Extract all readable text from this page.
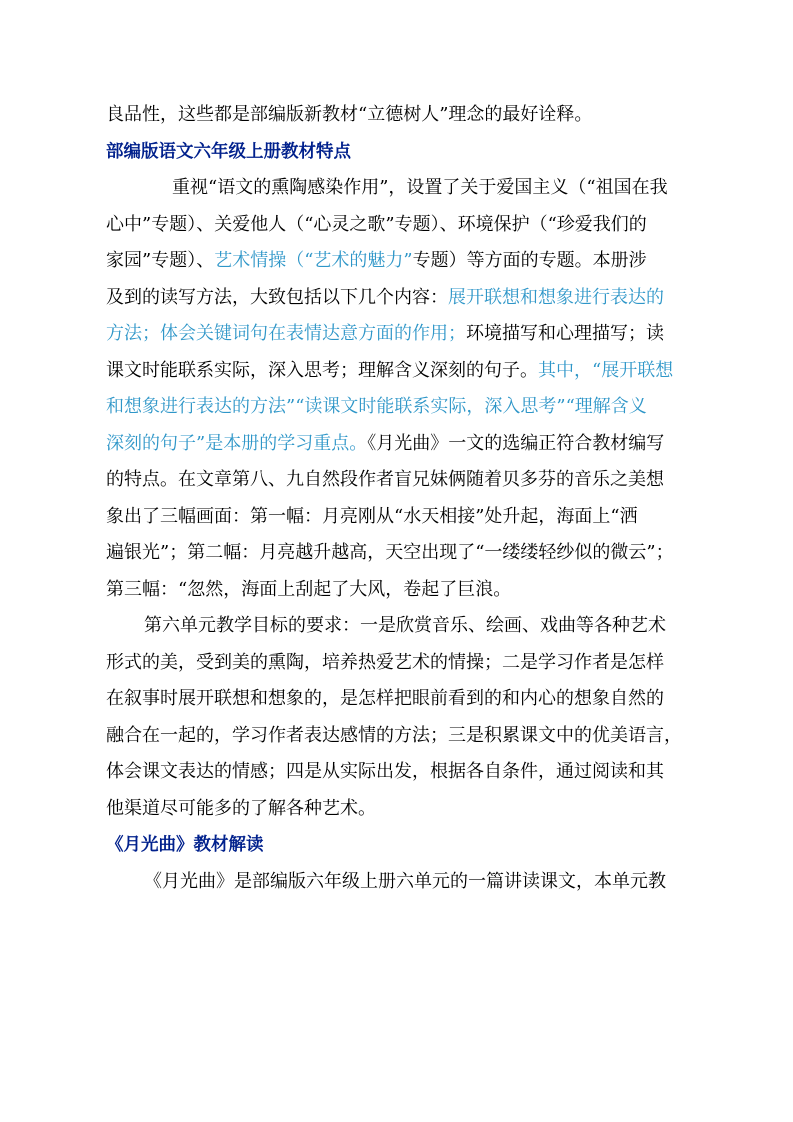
良品性，这些都是部编版新教材“立德树人”理念的最好诠释。
部编版语文六年级上册教材特点
重视“语文的熏陶感染作用”，设置了关于爱国主义（“祖国在我
心中”专题）、关爱他人（“心灵之歌”专题）、环境保护（“珍爱我们的
家园”专题）、艺术情操（“艺术的魅力”专题）等方面的专题。本册涉
及到的读写方法，大致包括以下几个内容：展开联想和想象进行表达的
方法；体会关键词句在表情达意方面的作用；环境描写和心理描写；读
课文时能联系实际，深入思考；理解含义深刻的句子。其中，“展开联想
和想象进行表达的方法”“读课文时能联系实际，深入思考”“理解含义
深刻的句子”是本册的学习重点。《月光曲》一文的选编正符合教材编写
的特点。在文章第八、九自然段作者盲兄妹俩随着贝多芬的音乐之美想
象出了三幅画面：第一幅：月亮刚从“水天相接”处升起，海面上“洒
遍银光”；第二幅：月亮越升越高，天空出现了“一缕缕轻纱似的微云”；
第三幅：“忽然，海面上刮起了大风，卷起了巨浪。
第六单元教学目标的要求：一是欣赏音乐、绘画、戏曲等各种艺术
形式的美，受到美的熏陶，培养热爱艺术的情操；二是学习作者是怎样
在叙事时展开联想和想象的，是怎样把眼前看到的和内心的想象自然的
融合在一起的，学习作者表达感情的方法；三是积累课文中的优美语言，
体会课文表达的情感；四是从实际出发，根据各自条件，通过阅读和其
他渠道尽可能多的了解各种艺术。
《月光曲》教材解读
《月光曲》是部编版六年级上册六单元的一篇讲读课文，本单元教
